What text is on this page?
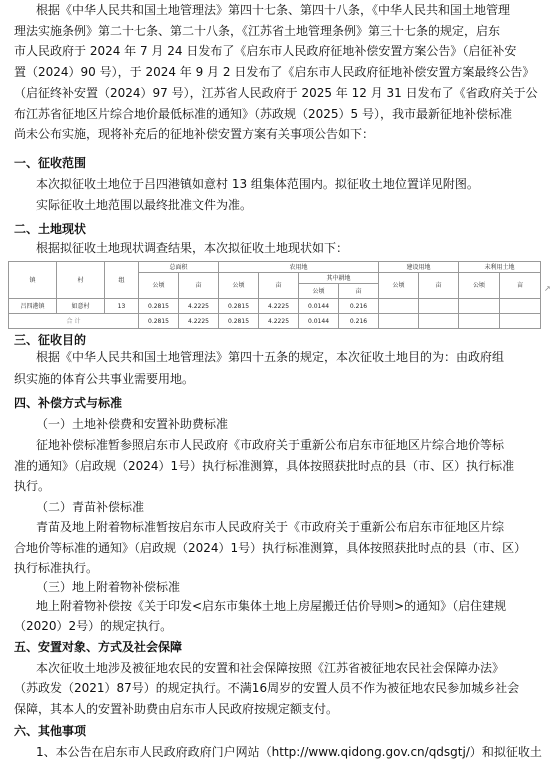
根据《中华人民共和国土地管理法》第四十七条、第四十八条，《中华人民共和国土地管理
理法实施条例》第二十七条、第二十八条，《江苏省土地管理条例》第三十七条的规定，启东
市人民政府于 2024 年 7 月 24 日发布了《启东市人民政府征地补偿安置方案公告》（启征补安
置（2024）90 号），于 2024 年 9 月 2 日发布了《启东市人民政府征地补偿安置方案最终公告》
（启征终补安置（2024）97 号），江苏省人民政府于 2025 年 12 月 31 日发布了《省政府关于公
布江苏省征地区片综合地价最低标准的通知》（苏政规（2025）5 号），我市最新征地补偿标准
尚未公布实施，现将补充后的征地补偿安置方案有关事项公告如下：
一、征收范围
本次拟征收土地位于吕四港镇如意村 13 组集体范围内。拟征收土地位置详见附图。
实际征收土地范围以最终批准文件为准。
二、土地现状
根据拟征收土地现状调查结果，本次拟征收土地现状如下：
镇	村	组	总面积		农用地				建设用地		未利用土地	
			公顷	亩	公顷	亩	其中耕地		公顷	亩	公顷	亩
							公顷	亩				
吕四港镇	如意村	13	0.2815	4.2225	0.2815	4.2225	0.0144	0.216				
合 计			0.2815	4.2225	0.2815	4.2225	0.0144	0.216				
↗
三、征收目的
根据《中华人民共和国土地管理法》第四十五条的规定，本次征收土地目的为：由政府组
织实施的体育公共事业需要用地。
四、补偿方式与标准
（一）土地补偿费和安置补助费标准
征地补偿标准暂参照启东市人民政府《市政府关于重新公布启东市征地区片综合地价等标
准的通知》（启政规（2024）1号）执行标准测算，具体按照获批时点的县（市、区）执行标准
执行。
（二）青苗补偿标准
青苗及地上附着物标准暂按启东市人民政府关于《市政府关于重新公布启东市征地区片综
合地价等标准的通知》（启政规（2024）1号）执行标准测算，具体按照获批时点的县（市、区）
执行标准执行。
（三）地上附着物补偿标准
地上附着物补偿按《关于印发<启东市集体土地上房屋搬迁估价导则>的通知》（启住建规
（2020）2号）的规定执行。
五、安置对象、方式及社会保障
本次征收土地涉及被征地农民的安置和社会保障按照《江苏省被征地农民社会保障办法》
（苏政发（2021）87号）的规定执行。不满16周岁的安置人员不作为被征地农民参加城乡社会
保障，其本人的安置补助费由启东市人民政府按规定额支付。
六、其他事项
1、本公告在启东市人民政府政府门户网站（http://www.qidong.gov.cn/qdsgtj/）和拟征收土
